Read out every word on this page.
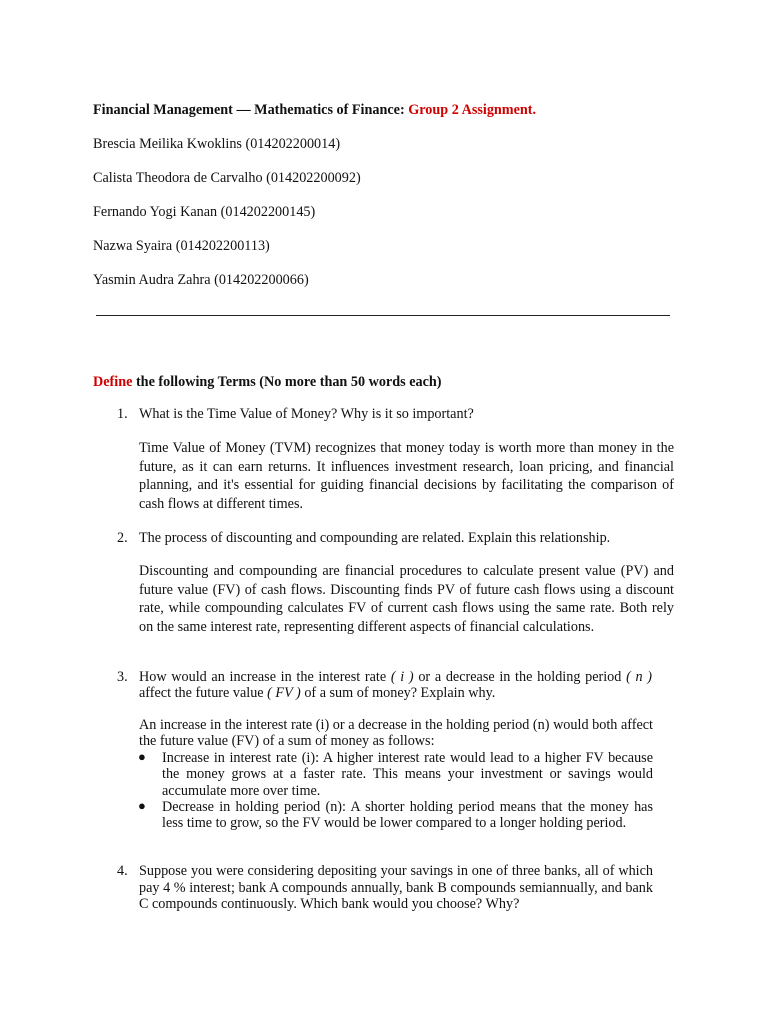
Financial Management — Mathematics of Finance: Group 2 Assignment.
Brescia Meilika Kwoklins (014202200014)
Calista Theodora de Carvalho (014202200092)
Fernando Yogi Kanan (014202200145)
Nazwa Syaira (014202200113)
Yasmin Audra Zahra (014202200066)
Define the following Terms (No more than 50 words each)
1. What is the Time Value of Money? Why is it so important?
Time Value of Money (TVM) recognizes that money today is worth more than money in the future, as it can earn returns. It influences investment research, loan pricing, and financial planning, and it's essential for guiding financial decisions by facilitating the comparison of cash flows at different times.
2. The process of discounting and compounding are related. Explain this relationship.
Discounting and compounding are financial procedures to calculate present value (PV) and future value (FV) of cash flows. Discounting finds PV of future cash flows using a discount rate, while compounding calculates FV of current cash flows using the same rate. Both rely on the same interest rate, representing different aspects of financial calculations.
3. How would an increase in the interest rate ( i ) or a decrease in the holding period ( n ) affect the future value ( FV ) of a sum of money? Explain why.
An increase in the interest rate (i) or a decrease in the holding period (n) would both affect the future value (FV) of a sum of money as follows:
● Increase in interest rate (i): A higher interest rate would lead to a higher FV because the money grows at a faster rate. This means your investment or savings would accumulate more over time.
● Decrease in holding period (n): A shorter holding period means that the money has less time to grow, so the FV would be lower compared to a longer holding period.
4. Suppose you were considering depositing your savings in one of three banks, all of which pay 4 % interest; bank A compounds annually, bank B compounds semiannually, and bank C compounds continuously. Which bank would you choose? Why?
